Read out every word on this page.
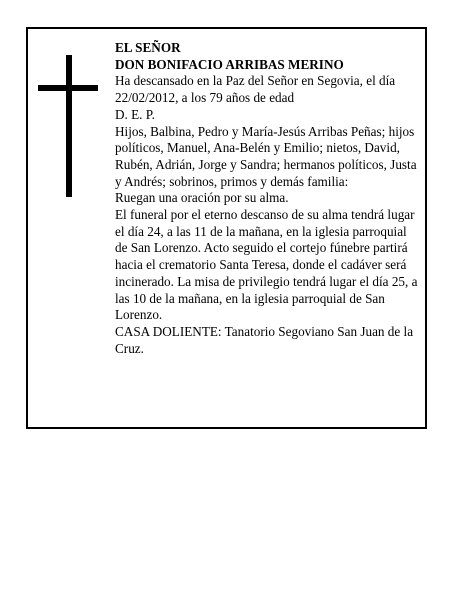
EL SEÑOR

DON BONIFACIO ARRIBAS MERINO

Ha descansado en la Paz del Señor en Segovia, el día 22/02/2012, a los 79 años de edad

D. E. P.

Hijos, Balbina, Pedro y María-Jesús Arribas Peñas; hijos políticos, Manuel, Ana-Belén y Emilio; nietos, David, Rubén, Adrián, Jorge y Sandra; hermanos políticos, Justa y Andrés; sobrinos, primos y demás familia:

Ruegan una oración por su alma.

El funeral por el eterno descanso de su alma tendrá lugar el día 24, a las 11 de la mañana, en la iglesia parroquial de San Lorenzo. Acto seguido el cortejo fúnebre partirá hacia el crematorio Santa Teresa, donde el cadáver será incinerado. La misa de privilegio tendrá lugar el día 25, a las 10 de la mañana, en la iglesia parroquial de San Lorenzo.

CASA DOLIENTE: Tanatorio Segoviano San Juan de la Cruz.
